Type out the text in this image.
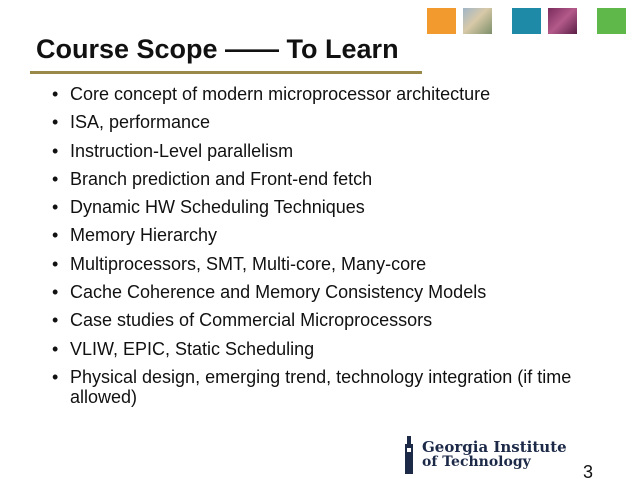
Course Scope —— To Learn
• Core concept of modern microprocessor architecture
• ISA, performance
• Instruction-Level parallelism
• Branch prediction and Front-end fetch
• Dynamic HW Scheduling Techniques
• Memory Hierarchy
• Multiprocessors, SMT, Multi-core, Many-core
• Cache Coherence and Memory Consistency Models
• Case studies of Commercial Microprocessors
• VLIW, EPIC, Static Scheduling
• Physical design, emerging trend, technology integration (if time allowed)
Georgia Institute
of Technology	3
